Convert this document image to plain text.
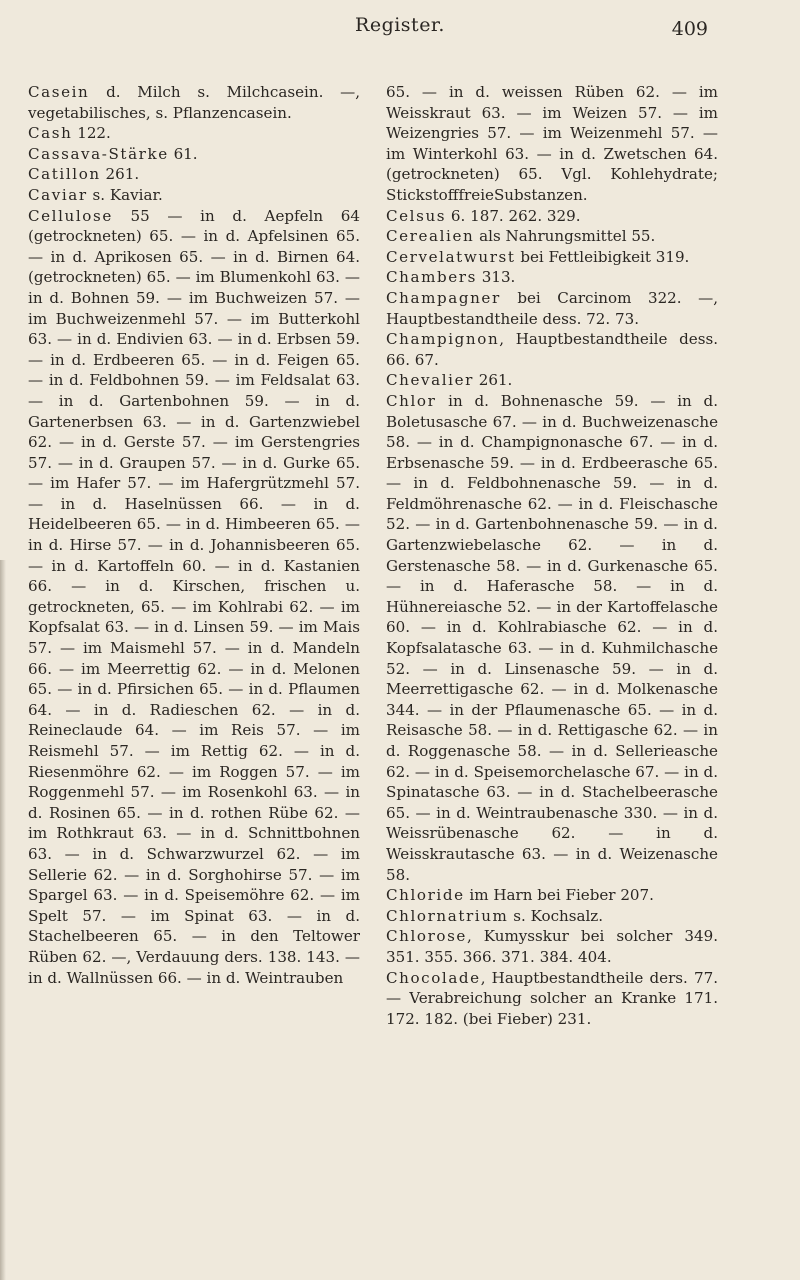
Register.	409
Casein d. Milch s. Milchcasein. —, vegetabilisches, s. Pflanzencasein.
Cash 122.
Cassava-Stärke 61.
Catillon 261.
Caviar s. Kaviar.
Cellulose 55 — in d. Aepfeln 64 (getrockneten) 65. — in d. Apfelsinen 65. — in d. Aprikosen 65. — in d. Birnen 64. (getrockneten) 65. — im Blumenkohl 63. — in d. Bohnen 59. — im Buchweizen 57. — im Buchweizenmehl 57. — im Butterkohl 63. — in d. Endivien 63. — in d. Erbsen 59. — in d. Erdbeeren 65. — in d. Feigen 65. — in d. Feldbohnen 59. — im Feldsalat 63. — in d. Gartenbohnen 59. — in d. Gartenerbsen 63. — in d. Gartenzwiebel 62. — in d. Gerste 57. — im Gerstengries 57. — in d. Graupen 57. — in d. Gurke 65. — im Hafer 57. — im Hafergrützmehl 57. — in d. Haselnüssen 66. — in d. Heidelbeeren 65. — in d. Himbeeren 65. — in d. Hirse 57. — in d. Johannisbeeren 65. — in d. Kartoffeln 60. — in d. Kastanien 66. — in d. Kirschen, frischen u. getrockneten, 65. — im Kohlrabi 62. — im Kopfsalat 63. — in d. Linsen 59. — im Mais 57. — im Maismehl 57. — in d. Mandeln 66. — im Meerrettig 62. — in d. Melonen 65. — in d. Pfirsichen 65. — in d. Pflaumen 64. — in d. Radieschen 62. — in d. Reineclaude 64. — im Reis 57. — im Reismehl 57. — im Rettig 62. — in d. Riesenmöhre 62. — im Roggen 57. — im Roggenmehl 57. — im Rosenkohl 63. — in d. Rosinen 65. — in d. rothen Rübe 62. — im Rothkraut 63. — in d. Schnittbohnen 63. — in d. Schwarzwurzel 62. — im Sellerie 62. — in d. Sorghohirse 57. — im Spargel 63. — in d. Speisemöhre 62. — im Spelt 57. — im Spinat 63. — in d. Stachelbeeren 65. — in den Teltower Rüben 62. —, Verdauung ders. 138. 143. — in d. Wallnüssen 66. — in d. Weintrauben
65. — in d. weissen Rüben 62. — im Weisskraut 63. — im Weizen 57. — im Weizengries 57. — im Weizenmehl 57. — im Winterkohl 63. — in d. Zwetschen 64. (getrockneten) 65. Vgl. Kohlehydrate; StickstofffreieSubstanzen.
Celsus 6. 187. 262. 329.
Cerealien als Nahrungsmittel 55.
Cervelatwurst bei Fettleibigkeit 319.
Chambers 313.
Champagner bei Carcinom 322. —, Hauptbestandtheile dess. 72. 73.
Champignon, Hauptbestandtheile dess. 66. 67.
Chevalier 261.
Chlor in d. Bohnenasche 59. — in d. Boletusasche 67. — in d. Buchweizenasche 58. — in d. Champignonasche 67. — in d. Erbsenasche 59. — in d. Erdbeerasche 65. — in d. Feldbohnenasche 59. — in d. Feldmöhrenasche 62. — in d. Fleischasche 52. — in d. Gartenbohnenasche 59. — in d. Gartenzwiebelasche 62. — in d. Gerstenasche 58. — in d. Gurkenasche 65. — in d. Haferasche 58. — in d. Hühnereiasche 52. — in der Kartoffelasche 60. — in d. Kohlrabiasche 62. — in d. Kopfsalatasche 63. — in d. Kuhmilchasche 52. — in d. Linsenasche 59. — in d. Meerrettigasche 62. — in d. Molkenasche 344. — in der Pflaumenasche 65. — in d. Reisasche 58. — in d. Rettigasche 62. — in d. Roggenasche 58. — in d. Sellerieasche 62. — in d. Speisemorchelasche 67. — in d. Spinatasche 63. — in d. Stachelbeerasche 65. — in d. Weintraubenasche 330. — in d. Weissrübenasche 62. — in d. Weisskrautasche 63. — in d. Weizenasche 58.
Chloride im Harn bei Fieber 207.
Chlornatrium s. Kochsalz.
Chlorose, Kumysskur bei solcher 349. 351. 355. 366. 371. 384. 404.
Chocolade, Hauptbestandtheile ders. 77. — Verabreichung solcher an Kranke 171. 172. 182. (bei Fieber) 231.
